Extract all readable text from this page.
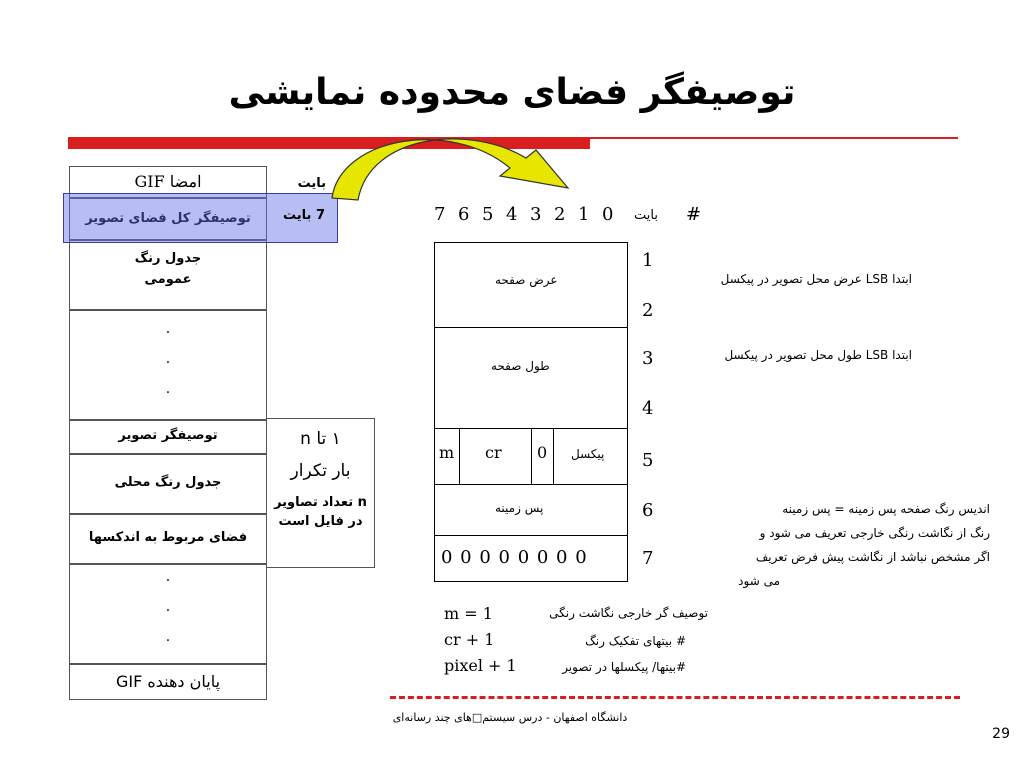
توصیفگر فضای محدوده نمایشی
امضا GIF
توصیفگر کل فضای تصویر
جدول رنگ
عمومی
.
.
.
توصیفگر تصویر
جدول رنگ محلی
فضای مربوط به اندکسها
.
.
.
پایان دهنده GIF
بایت
7 بایت
۱ تا n
بار تکرار
n تعداد تصاویر
در فایل است
7 6 5 4 3 2 1 0 بایت #
عرض صفحه
طول صفحه
m cr 0 پیکسل
پس زمینه
0 0 0 0 0 0 0 0
1
2
3
4
5
6
7
ابتدا LSB عرض محل تصویر در پیکسل
ابتدا LSB طول محل تصویر در پیکسل
اندیس رنگ صفحه پس زمینه = پس زمینه
رنگ از نگاشت رنگی خارجی تعریف می شود و
اگر مشخص نباشد از نگاشت پیش فرض تعریف
می شود
m = 1	توصیف گر خارجی نگاشت رنگی
cr + 1	# بیتهای تفکیک رنگ
pixel + 1	#بیتها/ پیکسلها در تصویر
دانشگاه اصفهان - درس سیستم□های چند رسانه‌ای
29
